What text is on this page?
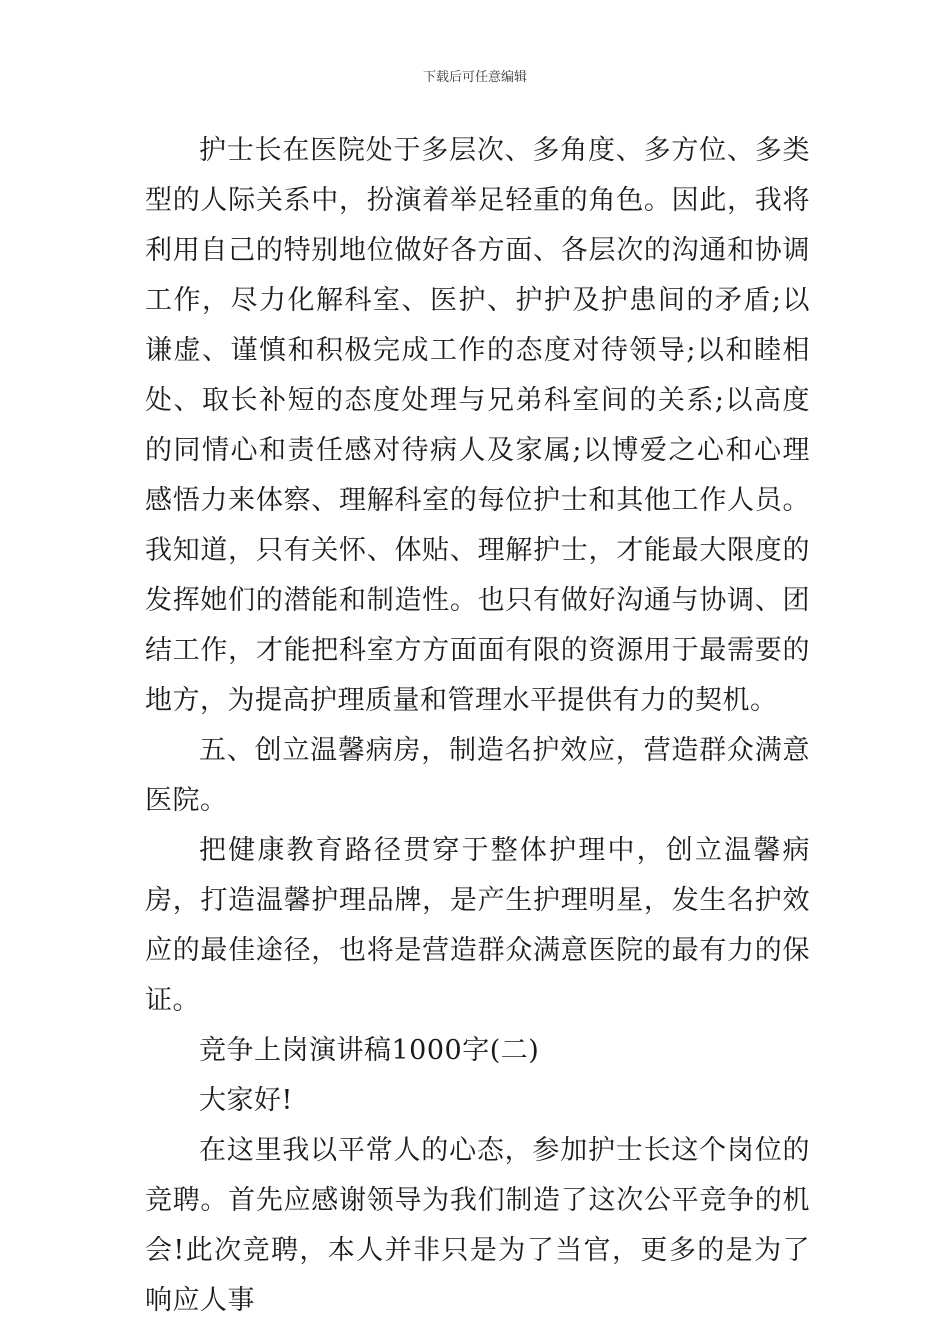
下载后可任意编辑

护士长在医院处于多层次、多角度、多方位、多类型的人际关系中，扮演着举足轻重的角色。因此，我将利用自己的特别地位做好各方面、各层次的沟通和协调工作，尽力化解科室、医护、护护及护患间的矛盾;以谦虚、谨慎和积极完成工作的态度对待领导;以和睦相处、取长补短的态度处理与兄弟科室间的关系;以高度的同情心和责任感对待病人及家属;以博爱之心和心理感悟力来体察、理解科室的每位护士和其他工作人员。我知道，只有关怀、体贴、理解护士，才能最大限度的发挥她们的潜能和制造性。也只有做好沟通与协调、团结工作，才能把科室方方面面有限的资源用于最需要的地方，为提高护理质量和管理水平提供有力的契机。

五、创立温馨病房，制造名护效应，营造群众满意医院。

把健康教育路径贯穿于整体护理中，创立温馨病房，打造温馨护理品牌，是产生护理明星，发生名护效应的最佳途径，也将是营造群众满意医院的最有力的保证。

竞争上岗演讲稿1000字(二)

大家好!

在这里我以平常人的心态，参加护士长这个岗位的竞聘。首先应感谢领导为我们制造了这次公平竞争的机会!此次竞聘，本人并非只是为了当官，更多的是为了响应人事
